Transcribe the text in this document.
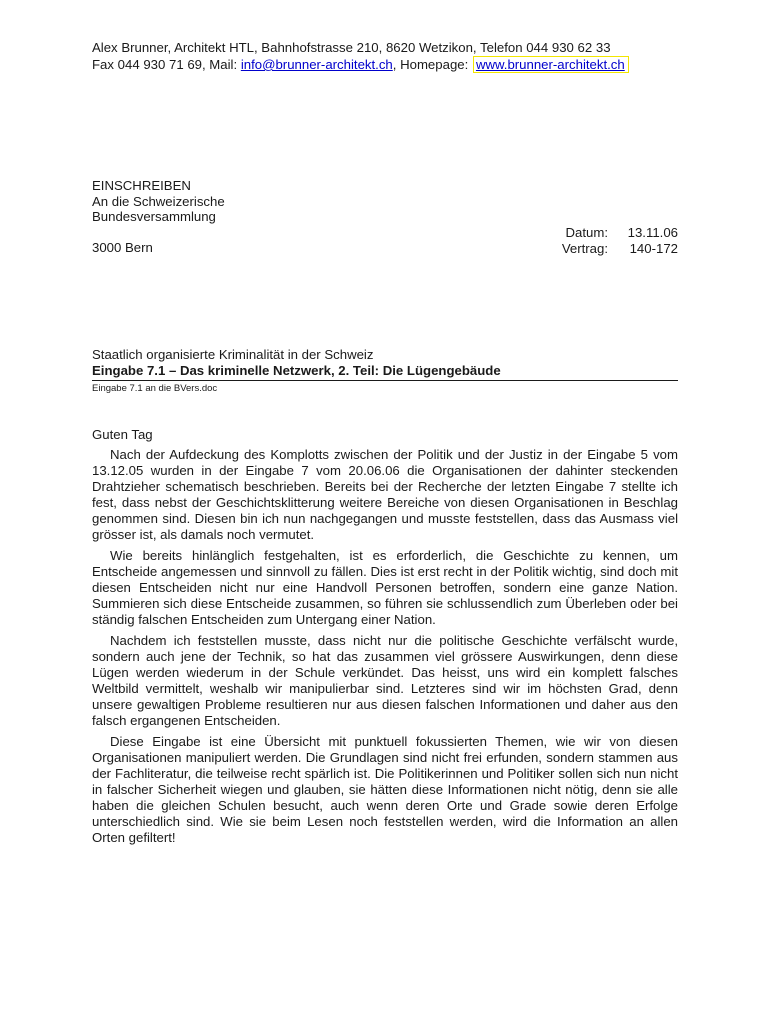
Alex Brunner, Architekt HTL, Bahnhofstrasse 210, 8620 Wetzikon, Telefon 044 930 62 33
Fax 044 930 71 69, Mail: info@brunner-architekt.ch, Homepage: www.brunner-architekt.ch
EINSCHREIBEN
An die Schweizerische
Bundesversammlung
3000 Bern
Datum: 13.11.06
Vertrag: 140-172
Staatlich organisierte Kriminalität in der Schweiz
Eingabe 7.1 – Das kriminelle Netzwerk, 2. Teil: Die Lügengebäude
Eingabe 7.1 an die BVers.doc

Guten Tag

Nach der Aufdeckung des Komplotts zwischen der Politik und der Justiz in der Eingabe 5 vom 13.12.05 wurden in der Eingabe 7 vom 20.06.06 die Organisationen der dahinter steckenden Drahtzieher schematisch beschrieben. Bereits bei der Recherche der letzten Eingabe 7 stellte ich fest, dass nebst der Geschichtsklitterung weitere Bereiche von diesen Organisationen in Beschlag genommen sind. Diesen bin ich nun nachgegangen und musste feststellen, dass das Ausmass viel grösser ist, als damals noch vermutet.

Wie bereits hinlänglich festgehalten, ist es erforderlich, die Geschichte zu kennen, um Entscheide angemessen und sinnvoll zu fällen. Dies ist erst recht in der Politik wichtig, sind doch mit diesen Entscheiden nicht nur eine Handvoll Personen betroffen, sondern eine ganze Nation. Summieren sich diese Entscheide zusammen, so führen sie schlussendlich zum Überleben oder bei ständig falschen Entscheiden zum Untergang einer Nation.

Nachdem ich feststellen musste, dass nicht nur die politische Geschichte verfälscht wurde, sondern auch jene der Technik, so hat das zusammen viel grössere Auswirkungen, denn diese Lügen werden wiederum in der Schule verkündet. Das heisst, uns wird ein komplett falsches Weltbild vermittelt, weshalb wir manipulierbar sind. Letzteres sind wir im höchsten Grad, denn unsere gewaltigen Probleme resultieren nur aus diesen falschen Informationen und daher aus den falsch ergangenen Entscheiden.

Diese Eingabe ist eine Übersicht mit punktuell fokussierten Themen, wie wir von diesen Organisationen manipuliert werden. Die Grundlagen sind nicht frei erfunden, sondern stammen aus der Fachliteratur, die teilweise recht spärlich ist. Die Politikerinnen und Politiker sollen sich nun nicht in falscher Sicherheit wiegen und glauben, sie hätten diese Informationen nicht nötig, denn sie alle haben die gleichen Schulen besucht, auch wenn deren Orte und Grade sowie deren Erfolge unterschiedlich sind. Wie sie beim Lesen noch feststellen werden, wird die Information an allen Orten gefiltert!
